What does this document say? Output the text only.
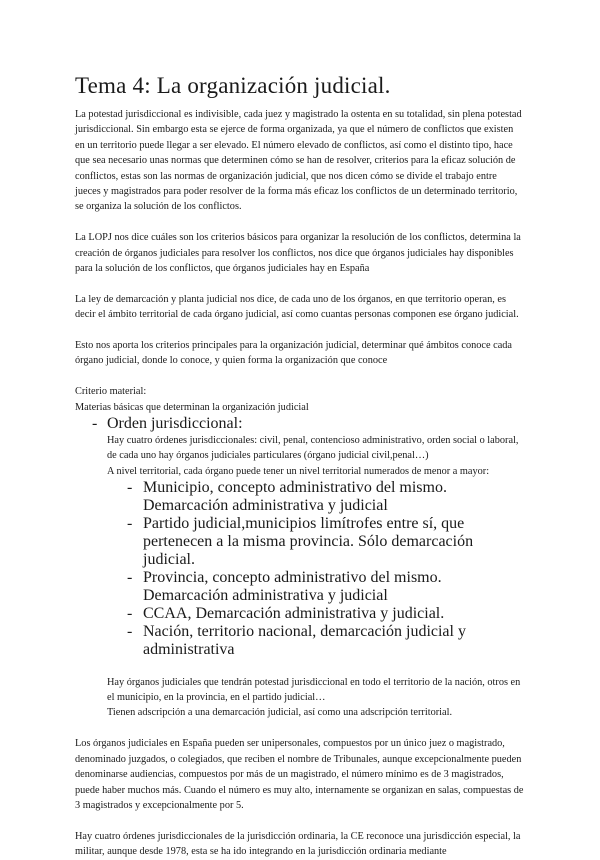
Tema 4: La organización judicial.

La potestad jurisdiccional es indivisible, cada juez y magistrado la ostenta en su totalidad, sin plena potestad jurisdiccional. Sin embargo esta se ejerce de forma organizada, ya que el número de conflictos que existen en un territorio puede llegar a ser elevado. El número elevado de conflictos, así como el distinto tipo, hace que sea necesario unas normas que determinen cómo se han de resolver, criterios para la eficaz solución de conflictos, estas son las normas de organización judicial, que nos dicen cómo se divide el trabajo entre jueces y magistrados para poder resolver de la forma más eficaz los conflictos de un determinado territorio, se organiza la solución de los conflictos.

La LOPJ nos dice cuáles son los criterios básicos para organizar la resolución de los conflictos, determina la creación de órganos judiciales para resolver los conflictos, nos dice que órganos judiciales hay disponibles para la solución de los conflictos, que órganos judiciales hay en España

La ley de demarcación y planta judicial nos dice, de cada uno de los órganos, en que territorio operan, es decir el ámbito territorial de cada órgano judicial, así como cuantas personas componen ese órgano judicial.

Esto nos aporta los criterios principales para la organización judicial, determinar qué ámbitos conoce cada órgano judicial, donde lo conoce, y quien forma la organización que conoce

Criterio material:

Materias básicas que determinan la organización judicial

- Orden jurisdiccional:

Hay cuatro órdenes jurisdiccionales: civil, penal, contencioso administrativo, orden social o laboral, de cada uno hay órganos judiciales particulares (órgano judicial civil,penal…)

A nivel territorial, cada órgano puede tener un nivel territorial numerados de menor a mayor:

- Municipio, concepto administrativo del mismo. Demarcación administrativa y judicial
- Partido judicial,municipios limítrofes entre sí, que pertenecen a la misma provincia. Sólo demarcación judicial.
- Provincia, concepto administrativo del mismo. Demarcación administrativa y judicial
- CCAA, Demarcación administrativa y judicial.
- Nación, territorio nacional, demarcación judicial y administrativa

Hay órganos judiciales que tendrán potestad jurisdiccional en todo el territorio de la nación, otros en el municipio, en la provincia, en el partido judicial…

Tienen adscripción a una demarcación judicial, así como una adscripción territorial.

Los órganos judiciales en España pueden ser unipersonales, compuestos por un único juez o magistrado, denominado juzgados, o colegiados, que reciben el nombre de Tribunales, aunque excepcionalmente pueden denominarse audiencias, compuestos por más de un magistrado, el número mínimo es de 3 magistrados, puede haber muchos más. Cuando el número es muy alto, internamente se organizan en salas, compuestas de 3 magistrados y excepcionalmente por 5.

Hay cuatro órdenes jurisdiccionales de la jurisdicción ordinaria, la CE reconoce una jurisdicción especial, la militar, aunque desde 1978, esta se ha ido integrando en la jurisdicción ordinaria mediante
